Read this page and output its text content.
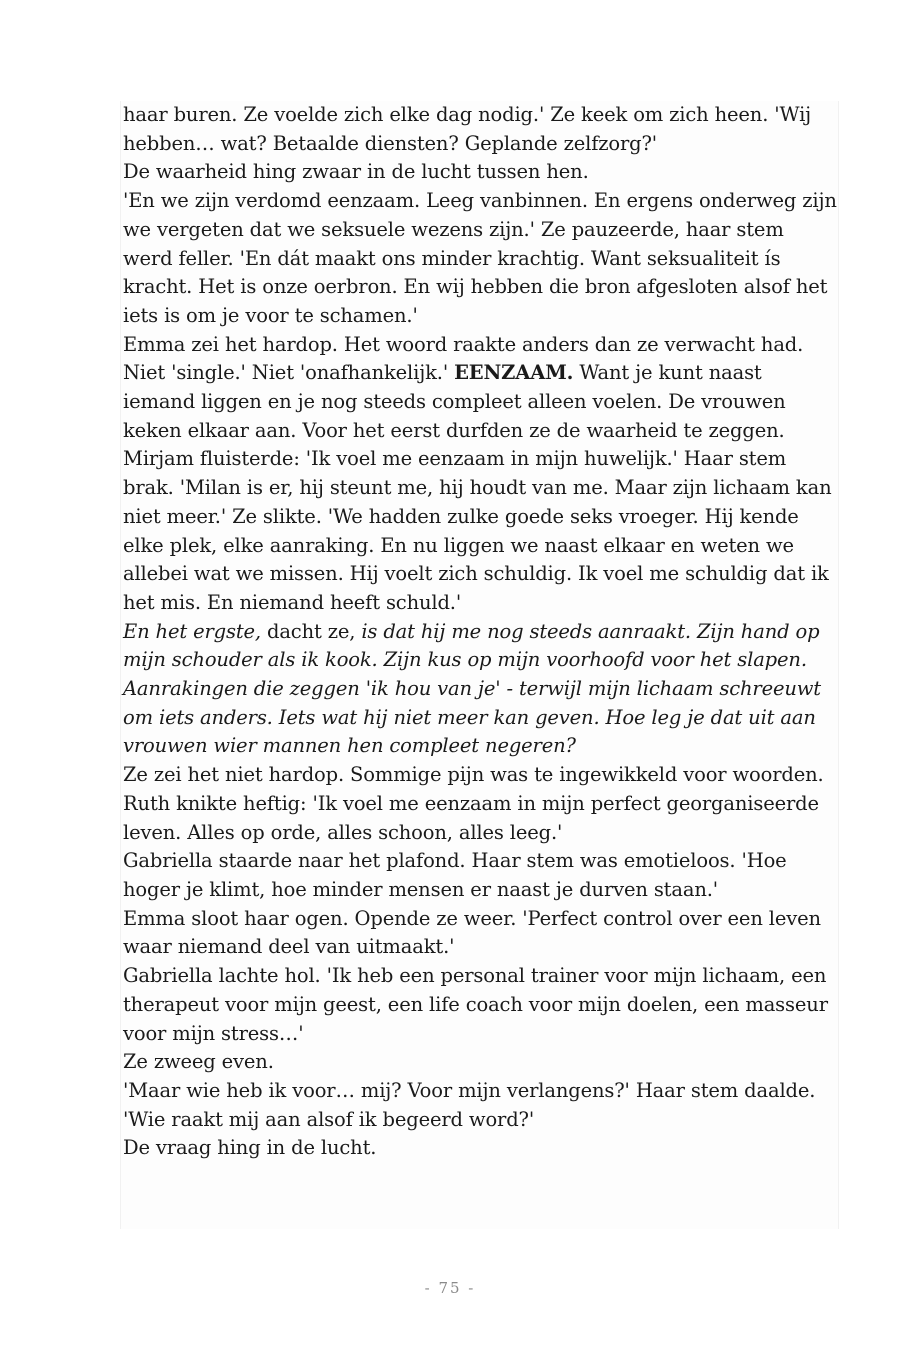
haar buren. Ze voelde zich elke dag nodig.' Ze keek om zich heen. 'Wij hebben… wat? Betaalde diensten? Geplande zelfzorg?'

De waarheid hing zwaar in de lucht tussen hen.

'En we zijn verdomd eenzaam. Leeg vanbinnen. En ergens onderweg zijn we vergeten dat we seksuele wezens zijn.' Ze pauzeerde, haar stem werd feller. 'En dát maakt ons minder krachtig. Want seksualiteit ís kracht. Het is onze oerbron. En wij hebben die bron afgesloten alsof het iets is om je voor te schamen.'

Emma zei het hardop. Het woord raakte anders dan ze verwacht had. Niet 'single.' Niet 'onafhankelijk.' EENZAAM. Want je kunt naast iemand liggen en je nog steeds compleet alleen voelen. De vrouwen keken elkaar aan. Voor het eerst durfden ze de waarheid te zeggen.

Mirjam fluisterde: 'Ik voel me eenzaam in mijn huwelijk.' Haar stem brak. 'Milan is er, hij steunt me, hij houdt van me. Maar zijn lichaam kan niet meer.' Ze slikte. 'We hadden zulke goede seks vroeger. Hij kende elke plek, elke aanraking. En nu liggen we naast elkaar en weten we allebei wat we missen. Hij voelt zich schuldig. Ik voel me schuldig dat ik het mis. En niemand heeft schuld.'

En het ergste, dacht ze, is dat hij me nog steeds aanraakt. Zijn hand op mijn schouder als ik kook. Zijn kus op mijn voorhoofd voor het slapen. Aanrakingen die zeggen 'ik hou van je' - terwijl mijn lichaam schreeuwt om iets anders. Iets wat hij niet meer kan geven. Hoe leg je dat uit aan vrouwen wier mannen hen compleet negeren?

Ze zei het niet hardop. Sommige pijn was te ingewikkeld voor woorden.

Ruth knikte heftig: 'Ik voel me eenzaam in mijn perfect georganiseerde leven. Alles op orde, alles schoon, alles leeg.'

Gabriella staarde naar het plafond. Haar stem was emotieloos. 'Hoe hoger je klimt, hoe minder mensen er naast je durven staan.'

Emma sloot haar ogen. Opende ze weer. 'Perfect control over een leven waar niemand deel van uitmaakt.'

Gabriella lachte hol. 'Ik heb een personal trainer voor mijn lichaam, een therapeut voor mijn geest, een life coach voor mijn doelen, een masseur voor mijn stress…'

Ze zweeg even.

'Maar wie heb ik voor… mij? Voor mijn verlangens?' Haar stem daalde. 'Wie raakt mij aan alsof ik begeerd word?'

De vraag hing in de lucht.

- 75 -
